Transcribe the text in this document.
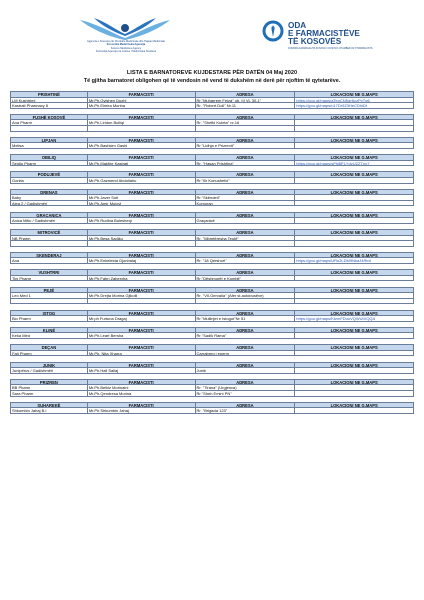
Agjencia e Kosovës për Produkte Medicinale dhe Pajisje Medicinale
Kosovska Medicinska Agencija
Kosovo Medicines Agency
Kosovska Agencija za Lekove i Medicinska Sredstva
ODA
E FARMACISTËVE
TË KOSOVËS
KOMORA FARMACEUTA KOSOVA / KOSOVO CHAMBER OF PHARMACISTS
LISTA E BARNATOREVE KUJDESTARE PËR DATËN 04 Maj 2020
Të gjitha barnatoret obligohen që të vendosin në vend të dukshëm në derë për njoftim të qytetarëve.
PRISHTINË	FARMACISTI	ADRESA	LOKACIONI NE G.MAPS
LM Kushtrimi	Mr.Ph.Gylshen Duzhi	Rr."Muharrem Fejza" ob. III VL 30-1"	https://goo.gl/maps/aTeoCNNzr6czPvTg6
Kastrati Pharmacy 8	Mr.Ph.Elmira Morina	Rr. "Robert Doll" Nr.11	https://goo.gl/maps/n17Dr9Z3HeCDhiDt
FUSHË KOSOVË	FARMACISTI	ADRESA	LOKACIONI NE G.MAPS
Ana Pharm	Mr.Ph.Liridon Bulliqi	Rr. "Shefki Kuleta" nr.16
LIPJAN	FARMACISTI	ADRESA	LOKACIONI NE G.MAPS
Melisa	Mr.Ph.Bashkim Gashi	Rr."Lidhja e Prizrenit"
OBILIQ	FARMACISTI	ADRESA	LOKACIONI NE G.MAPS
Sejdiu Pharm	Mr.Ph.Makfire Kastrati	Rr. "Hasan Prishtina"	https://goo.gl/maps/sPh8fFLYdvUZZTno7
PODUJEVË	FARMACISTI	ADRESA	LOKACIONI NE G.MAPS
Gonita	Mr.Ph.Gazmend Abdullahu	Rr."Ilir Konushefci"
DRENAS	FARMACISTI	ADRESA	LOKACIONI NE G.MAPS
Baby	Mr.Ph.Javer Sofi	Rr."Skëndeti"
Alea 2 / Gadishmëri	Mr.Ph.Amir Mujovi	Komoran
GRAÇANICA	FARMACISTI	ADRESA	LOKACIONI NE G.MAPS
Anica Mitic / Gadishmëri	Mr.Ph.Rudina Bulesheqi	Graçanicë
MITROVICË	FARMACISTI	ADRESA	LOKACIONI NE G.MAPS
NB Pharm	Mr.Ph.Besa Sadiku	Rr. "Mbretëresha Teutë"
SKENDERAJ	FARMACISTI	ADRESA	LOKACIONI NE G.MAPS
Ana	Mr.Ph.Enkeleida Gjonbalaj	Rr. "18 Qershori"	https://goo.gl/maps/URu2LDM9NkaJ4RtdI
VUSHTRRI	FARMACISTI	ADRESA	LOKACIONI NE G.MAPS
Tini Pharm	Mr.Ph.Fahri Zaberxha	Rr."Dëshmorët e Kombit"
PEJË	FARMACISTI	ADRESA	LOKACIONI NE G.MAPS
Leo Med 1	Mr.Ph.Drejta Morina Gjikolli	Rr. "VII.Gervalla" (Afer st.autobusëve)
ISTOG	FARMACISTI	ADRESA	LOKACIONI NE G.MAPS
Bio Pharm	Mr.ph Furtuna Dragaj	Rr."Mullinjet e Istogut"Nr 51	https://goo.gl/maps/KtzmFDuuVQWUtXQQA
KLINË	FARMACISTI	ADRESA	LOKACIONI NE G.MAPS
Keka Med	Mr.Ph.Leart Bersha	Rr."Sadik Rama"
DEÇAN	FARMACISTI	ADRESA	LOKACIONI NE G.MAPS
Fati Pharm	Mr.Ph. Nita Xharra	Carrabreg i eperm
JUNIK	FARMACISTI	ADRESA	LOKACIONI NE G.MAPS
Junipërus / Gadishmëri	Mr.Ph.Hali Sallaj	Junik
PRIZREN	FARMACISTI	ADRESA	LOKACIONI NE G.MAPS
BB Pharm	Mr.Ph.Belkiz Morinaini	Rr. "Tirana" (Urgjenca)
Sara Pharm	Mr.Ph.Qendresa Morina	Rr."Sheh Emini PN"
SUHAREKË	FARMACISTI	ADRESA	LOKACIONI NE G.MAPS
Shkumbin Jahaj B.I	Mr.Ph.Shkumbin Jahaj	Rr. "Brigada 123"
